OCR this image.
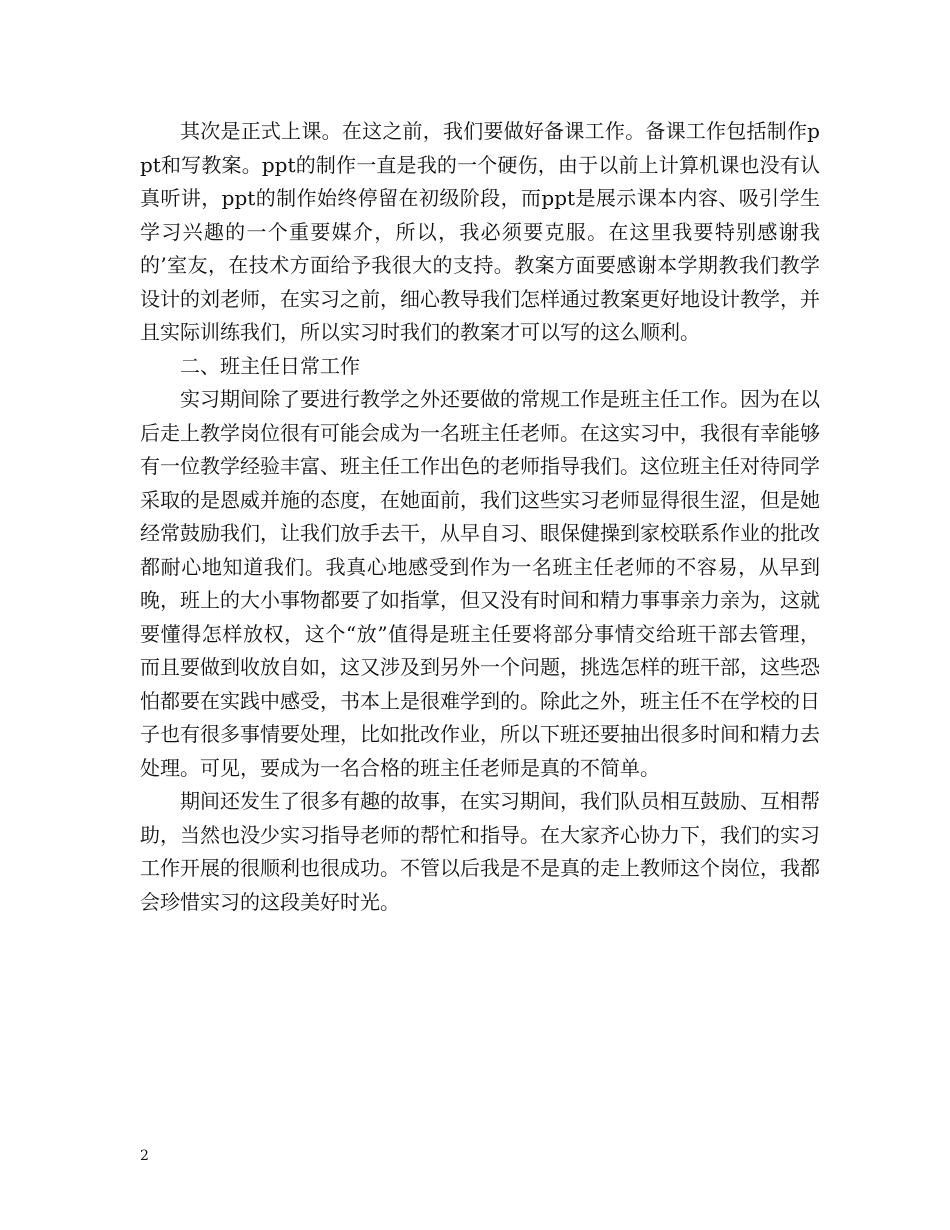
其次是正式上课。在这之前，我们要做好备课工作。备课工作包括制作ppt和写教案。ppt的制作一直是我的一个硬伤，由于以前上计算机课也没有认真听讲，ppt的制作始终停留在初级阶段，而ppt是展示课本内容、吸引学生学习兴趣的一个重要媒介，所以，我必须要克服。在这里我要特别感谢我的’室友，在技术方面给予我很大的支持。教案方面要感谢本学期教我们教学设计的刘老师，在实习之前，细心教导我们怎样通过教案更好地设计教学，并且实际训练我们，所以实习时我们的教案才可以写的这么顺利。

二、班主任日常工作

实习期间除了要进行教学之外还要做的常规工作是班主任工作。因为在以后走上教学岗位很有可能会成为一名班主任老师。在这实习中，我很有幸能够有一位教学经验丰富、班主任工作出色的老师指导我们。这位班主任对待同学采取的是恩威并施的态度，在她面前，我们这些实习老师显得很生涩，但是她经常鼓励我们，让我们放手去干，从早自习、眼保健操到家校联系作业的批改都耐心地知道我们。我真心地感受到作为一名班主任老师的不容易，从早到晚，班上的大小事物都要了如指掌，但又没有时间和精力事事亲力亲为，这就要懂得怎样放权，这个“放”值得是班主任要将部分事情交给班干部去管理，而且要做到收放自如，这又涉及到另外一个问题，挑选怎样的班干部，这些恐怕都要在实践中感受，书本上是很难学到的。除此之外，班主任不在学校的日子也有很多事情要处理，比如批改作业，所以下班还要抽出很多时间和精力去处理。可见，要成为一名合格的班主任老师是真的不简单。

期间还发生了很多有趣的故事，在实习期间，我们队员相互鼓励、互相帮助，当然也没少实习指导老师的帮忙和指导。在大家齐心协力下，我们的实习工作开展的很顺利也很成功。不管以后我是不是真的走上教师这个岗位，我都会珍惜实习的这段美好时光。

2
